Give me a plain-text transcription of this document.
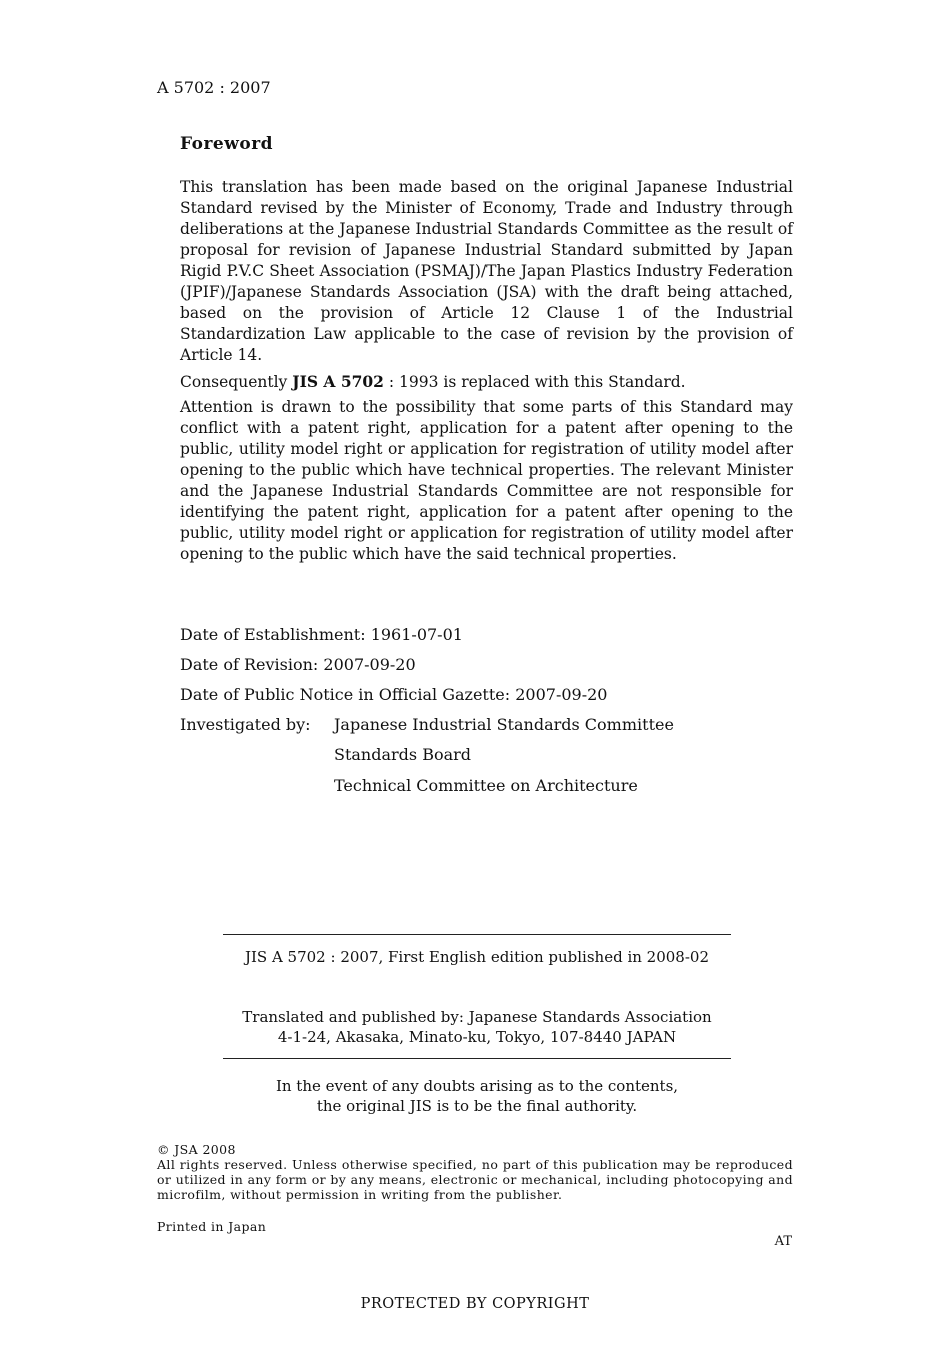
A 5702 : 2007
Foreword

This translation has been made based on the original Japanese Industrial Standard revised by the Minister of Economy, Trade and Industry through deliberations at the Japanese Industrial Standards Committee as the result of proposal for revision of Japanese Industrial Standard submitted by Japan Rigid P.V.C Sheet Association (PSMAJ)/The Japan Plastics Industry Federation (JPIF)/Japanese Standards Association (JSA) with the draft being attached, based on the provision of Article 12 Clause 1 of the Industrial Standardization Law applicable to the case of revision by the provision of Article 14.

Consequently JIS A 5702 : 1993 is replaced with this Standard.

Attention is drawn to the possibility that some parts of this Standard may conflict with a patent right, application for a patent after opening to the public, utility model right or application for registration of utility model after opening to the public which have technical properties. The relevant Minister and the Japanese Industrial Standards Committee are not responsible for identifying the patent right, application for a patent after opening to the public, utility model right or application for registration of utility model after opening to the public which have the said technical properties.

Date of Establishment: 1961-07-01
Date of Revision: 2007-09-20
Date of Public Notice in Official Gazette: 2007-09-20
Investigated by: Japanese Industrial Standards Committee
Standards Board
Technical Committee on Architecture
JIS A 5702 : 2007, First English edition published in 2008-02
Translated and published by: Japanese Standards Association
4-1-24, Akasaka, Minato-ku, Tokyo, 107-8440 JAPAN
In the event of any doubts arising as to the contents,
the original JIS is to be the final authority.
© JSA 2008
All rights reserved. Unless otherwise specified, no part of this publication may be reproduced or utilized in any form or by any means, electronic or mechanical, including photocopying and microfilm, without permission in writing from the publisher.
Printed in Japan
AT
PROTECTED BY COPYRIGHT
